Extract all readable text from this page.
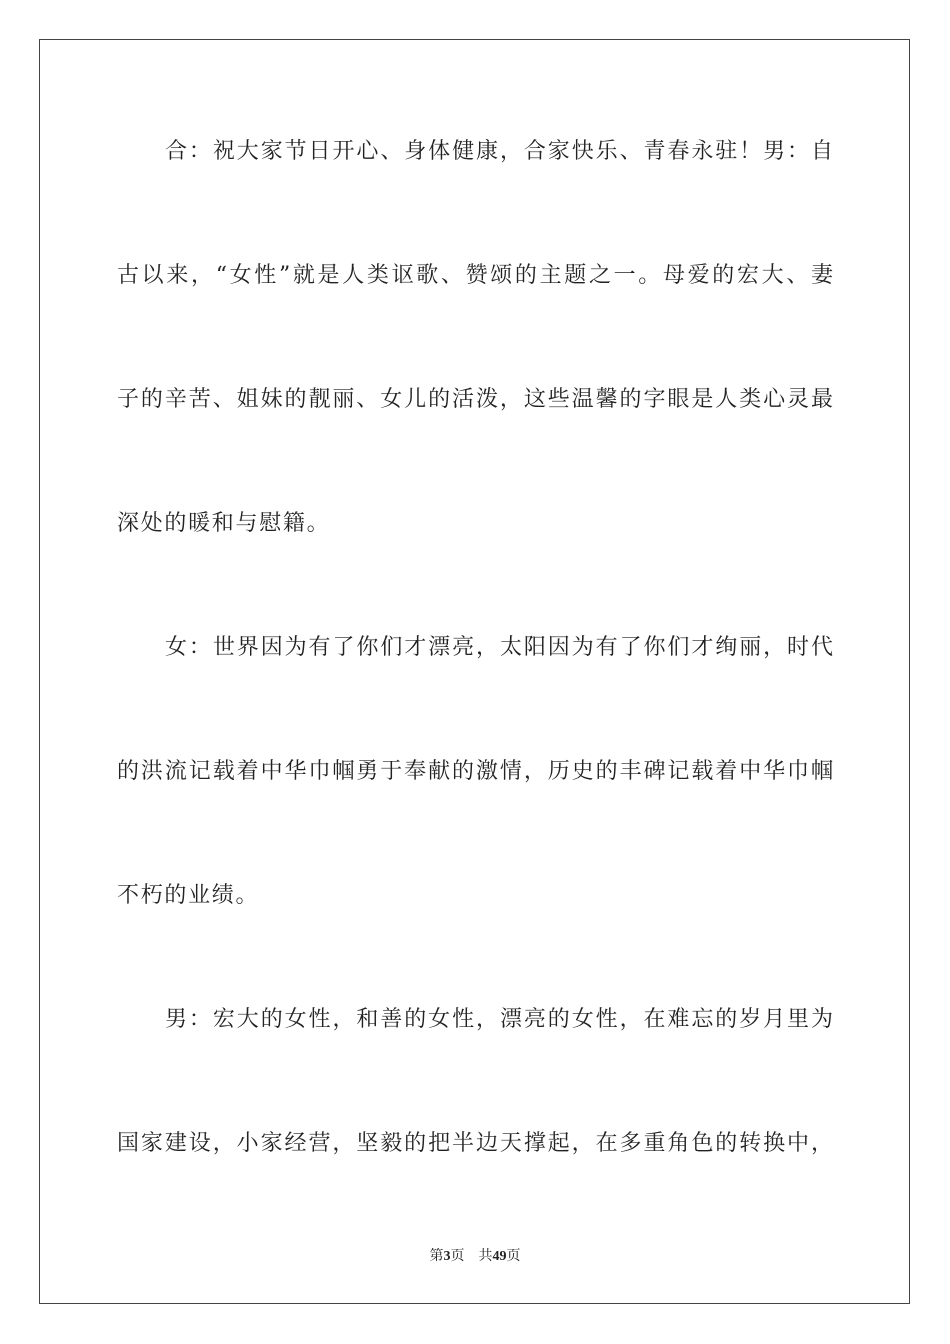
合：祝大家节日开心、身体健康，合家快乐、青春永驻！男：自
古以来，“女性”就是人类讴歌、赞颂的主题之一。母爱的宏大、妻
子的辛苦、姐妹的靓丽、女儿的活泼，这些温馨的字眼是人类心灵最
深处的暖和与慰籍。
女：世界因为有了你们才漂亮，太阳因为有了你们才绚丽，时代
的洪流记载着中华巾帼勇于奉献的激情，历史的丰碑记载着中华巾帼
不朽的业绩。
男：宏大的女性，和善的女性，漂亮的女性，在难忘的岁月里为
国家建设，小家经营，坚毅的把半边天撑起，在多重角色的转换中，
第3页 共49页
